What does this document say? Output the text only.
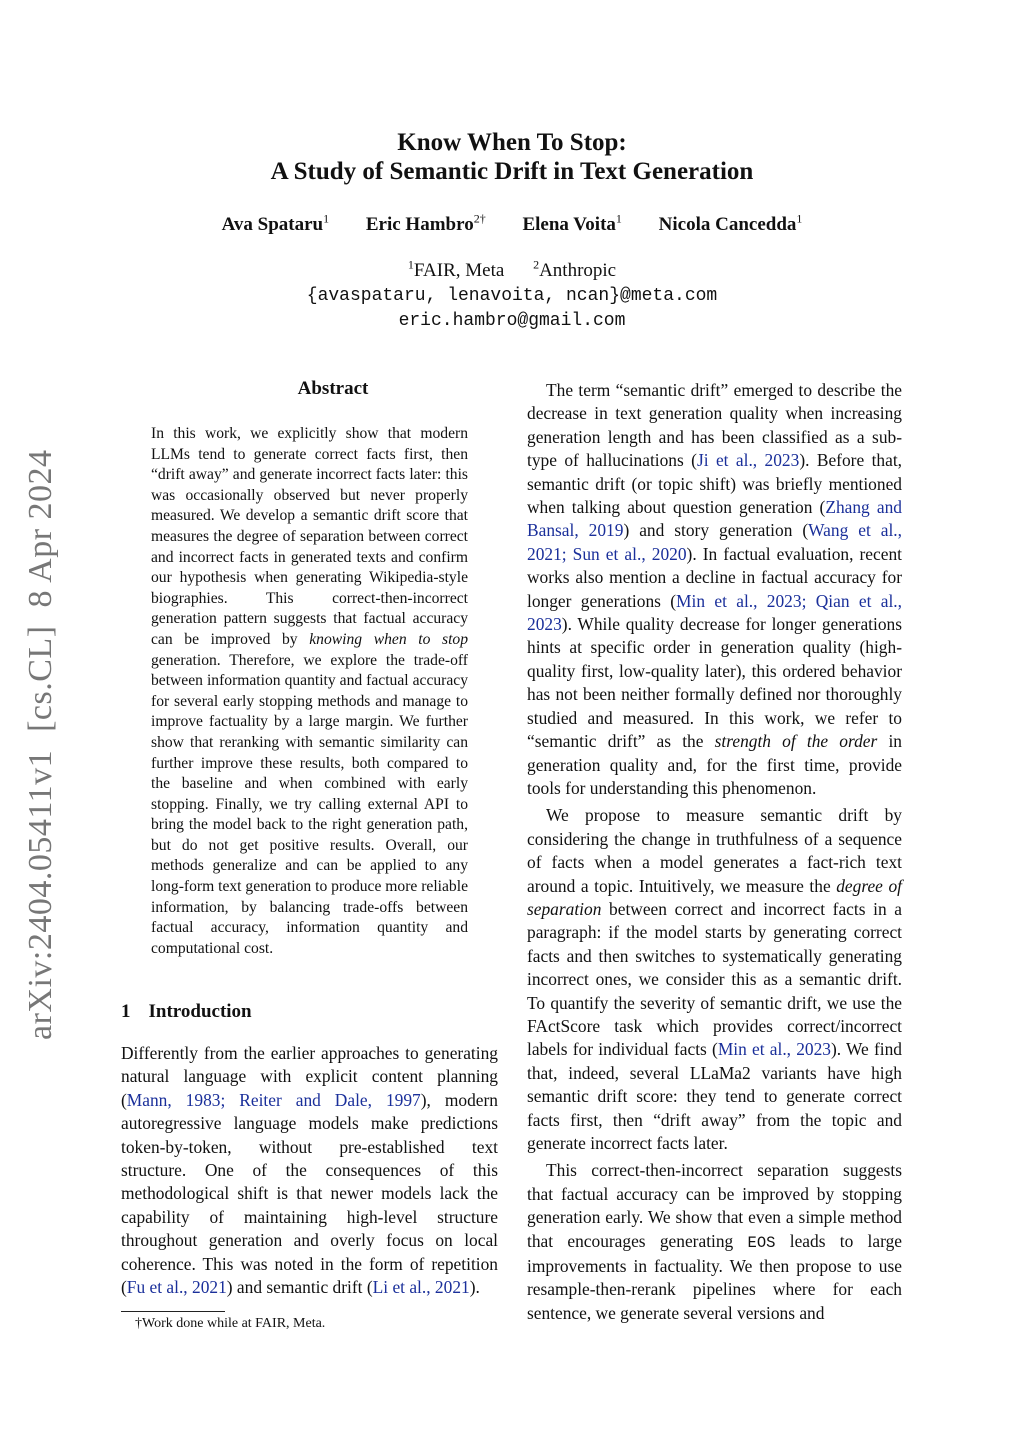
Know When To Stop:
A Study of Semantic Drift in Text Generation
Ava Spataru$^1$ Eric Hambro$^{2\dagger}$ Elena Voita$^1$ Nicola Cancedda$^1$
$^1$FAIR, Meta $^2$Anthropic
{avaspataru, lenavoita, ncan}@meta.com
eric.hambro@gmail.com
arXiv:2404.05411v1  [cs.CL]  8 Apr 2024
Abstract
In this work, we explicitly show that modern LLMs tend to generate correct facts first, then “drift away” and generate incorrect facts later: this was occasionally observed but never properly measured. We develop a semantic drift score that measures the degree of separation between correct and incorrect facts in generated texts and confirm our hypothesis when generating Wikipedia-style biographies. This correct-then-incorrect generation pattern suggests that factual accuracy can be improved by knowing when to stop generation. Therefore, we explore the trade-off between information quantity and factual accuracy for several early stopping methods and manage to improve factuality by a large margin. We further show that reranking with semantic similarity can further improve these results, both compared to the baseline and when combined with early stopping. Finally, we try calling external API to bring the model back to the right generation path, but do not get positive results. Overall, our methods generalize and can be applied to any long-form text generation to produce more reliable information, by balancing trade-offs between factual accuracy, information quantity and computational cost.
1 Introduction
Differently from the earlier approaches to generating natural language with explicit content planning (Mann, 1983; Reiter and Dale, 1997), modern autoregressive language models make predictions token-by-token, without pre-established text structure. One of the consequences of this methodological shift is that newer models lack the capability of maintaining high-level structure throughout generation and overly focus on local coherence. This was noted in the form of repetition (Fu et al., 2021) and semantic drift (Li et al., 2021).
†Work done while at FAIR, Meta.

The term “semantic drift” emerged to describe the decrease in text generation quality when increasing generation length and has been classified as a sub-type of hallucinations (Ji et al., 2023). Before that, semantic drift (or topic shift) was briefly mentioned when talking about question generation (Zhang and Bansal, 2019) and story generation (Wang et al., 2021; Sun et al., 2020). In factual evaluation, recent works also mention a decline in factual accuracy for longer generations (Min et al., 2023; Qian et al., 2023). While quality decrease for longer generations hints at specific order in generation quality (high-quality first, low-quality later), this ordered behavior has not been neither formally defined nor thoroughly studied and measured. In this work, we refer to “semantic drift” as the strength of the order in generation quality and, for the first time, provide tools for understanding this phenomenon.

We propose to measure semantic drift by considering the change in truthfulness of a sequence of facts when a model generates a fact-rich text around a topic. Intuitively, we measure the degree of separation between correct and incorrect facts in a paragraph: if the model starts by generating correct facts and then switches to systematically generating incorrect ones, we consider this as a semantic drift. To quantify the severity of semantic drift, we use the FActScore task which provides correct/incorrect labels for individual facts (Min et al., 2023). We find that, indeed, several LLaMa2 variants have high semantic drift score: they tend to generate correct facts first, then “drift away” from the topic and generate incorrect facts later.

This correct-then-incorrect separation suggests that factual accuracy can be improved by stopping generation early. We show that even a simple method that encourages generating EOS leads to large improvements in factuality. We then propose to use resample-then-rerank pipelines where for each sentence, we generate several versions and
